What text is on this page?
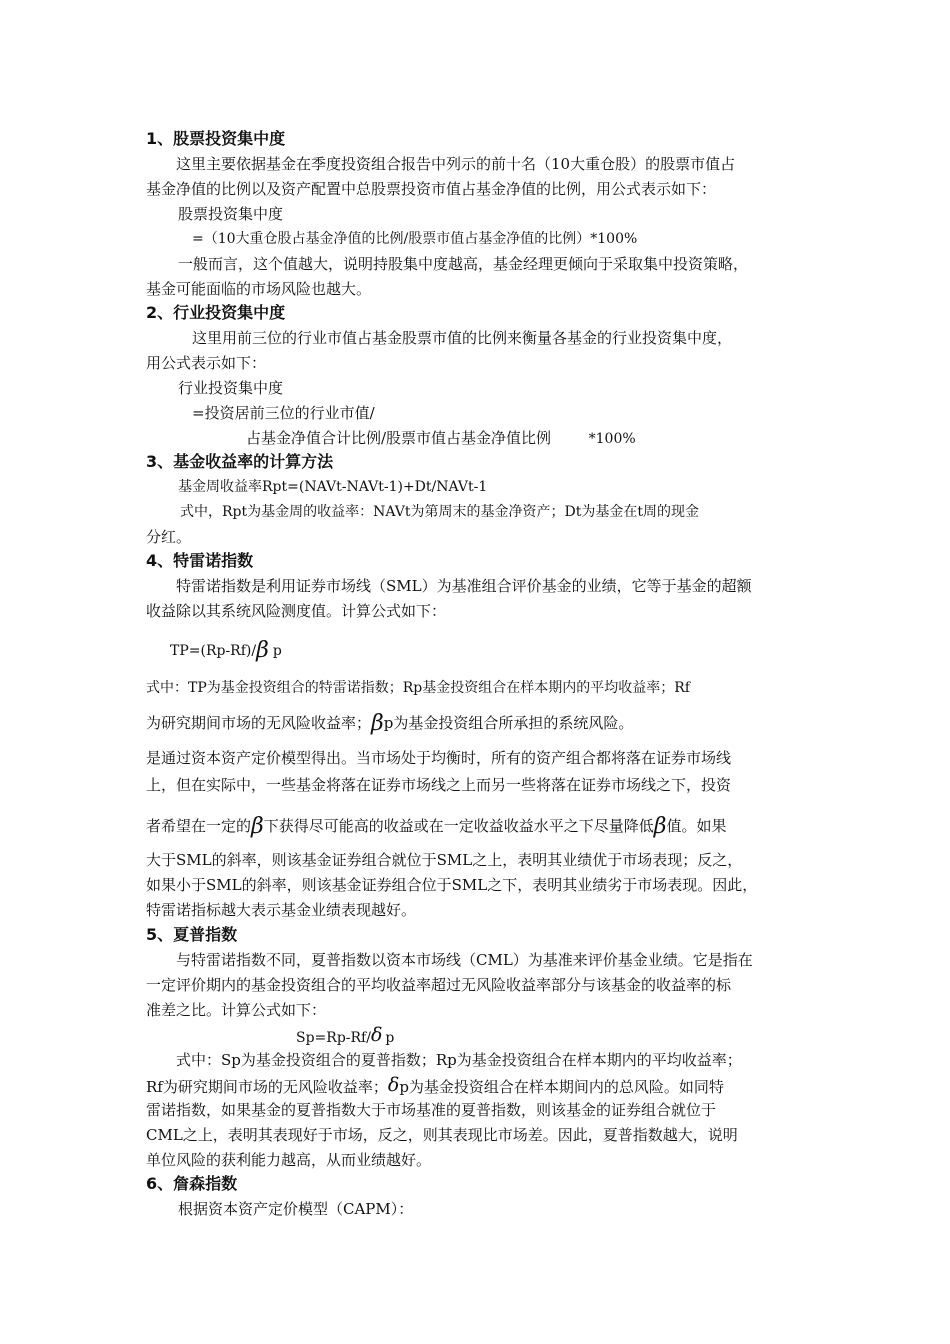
1、股票投资集中度
这里主要依据基金在季度投资组合报告中列示的前十名（10大重仓股）的股票市值占
基金净值的比例以及资产配置中总股票投资市值占基金净值的比例，用公式表示如下：
股票投资集中度
=（10大重仓股占基金净值的比例/股票市值占基金净值的比例）*100%
一般而言，这个值越大，说明持股集中度越高，基金经理更倾向于采取集中投资策略，
基金可能面临的市场风险也越大。
2、行业投资集中度
这里用前三位的行业市值占基金股票市值的比例来衡量各基金的行业投资集中度，
用公式表示如下：
行业投资集中度
=投资居前三位的行业市值/
占基金净值合计比例/股票市值占基金净值比例	*100%
3、基金收益率的计算方法
基金周收益率Rpt=(NAVt-NAVt-1)+Dt/NAVt-1
式中，Rpt为基金周的收益率：NAVt为第周末的基金净资产；Dt为基金在t周的现金
分红。
4、特雷诺指数
特雷诺指数是利用证券市场线（SML）为基准组合评价基金的业绩，它等于基金的超额
收益除以其系统风险测度值。计算公式如下：
TP=(Rp-Rf)/β p
式中：TP为基金投资组合的特雷诺指数；Rp基金投资组合在样本期内的平均收益率；Rf
为研究期间市场的无风险收益率；βp为基金投资组合所承担的系统风险。
是通过资本资产定价模型得出。当市场处于均衡时，所有的资产组合都将落在证券市场线
上，但在实际中，一些基金将落在证券市场线之上而另一些将落在证券市场线之下，投资
者希望在一定的β下获得尽可能高的收益或在一定收益收益水平之下尽量降低β值。如果
大于SML的斜率，则该基金证券组合就位于SML之上，表明其业绩优于市场表现；反之，
如果小于SML的斜率，则该基金证券组合位于SML之下，表明其业绩劣于市场表现。因此，
特雷诺指标越大表示基金业绩表现越好。
5、夏普指数
与特雷诺指数不同，夏普指数以资本市场线（CML）为基准来评价基金业绩。它是指在
一定评价期内的基金投资组合的平均收益率超过无风险收益率部分与该基金的收益率的标
准差之比。计算公式如下：
Sp=Rp-Rf/δ p
式中：Sp为基金投资组合的夏普指数；Rp为基金投资组合在样本期内的平均收益率；
Rf为研究期间市场的无风险收益率；δp为基金投资组合在样本期间内的总风险。如同特
雷诺指数，如果基金的夏普指数大于市场基准的夏普指数，则该基金的证券组合就位于
CML之上，表明其表现好于市场，反之，则其表现比市场差。因此，夏普指数越大，说明
单位风险的获利能力越高，从而业绩越好。
6、詹森指数
根据资本资产定价模型（CAPM）：
